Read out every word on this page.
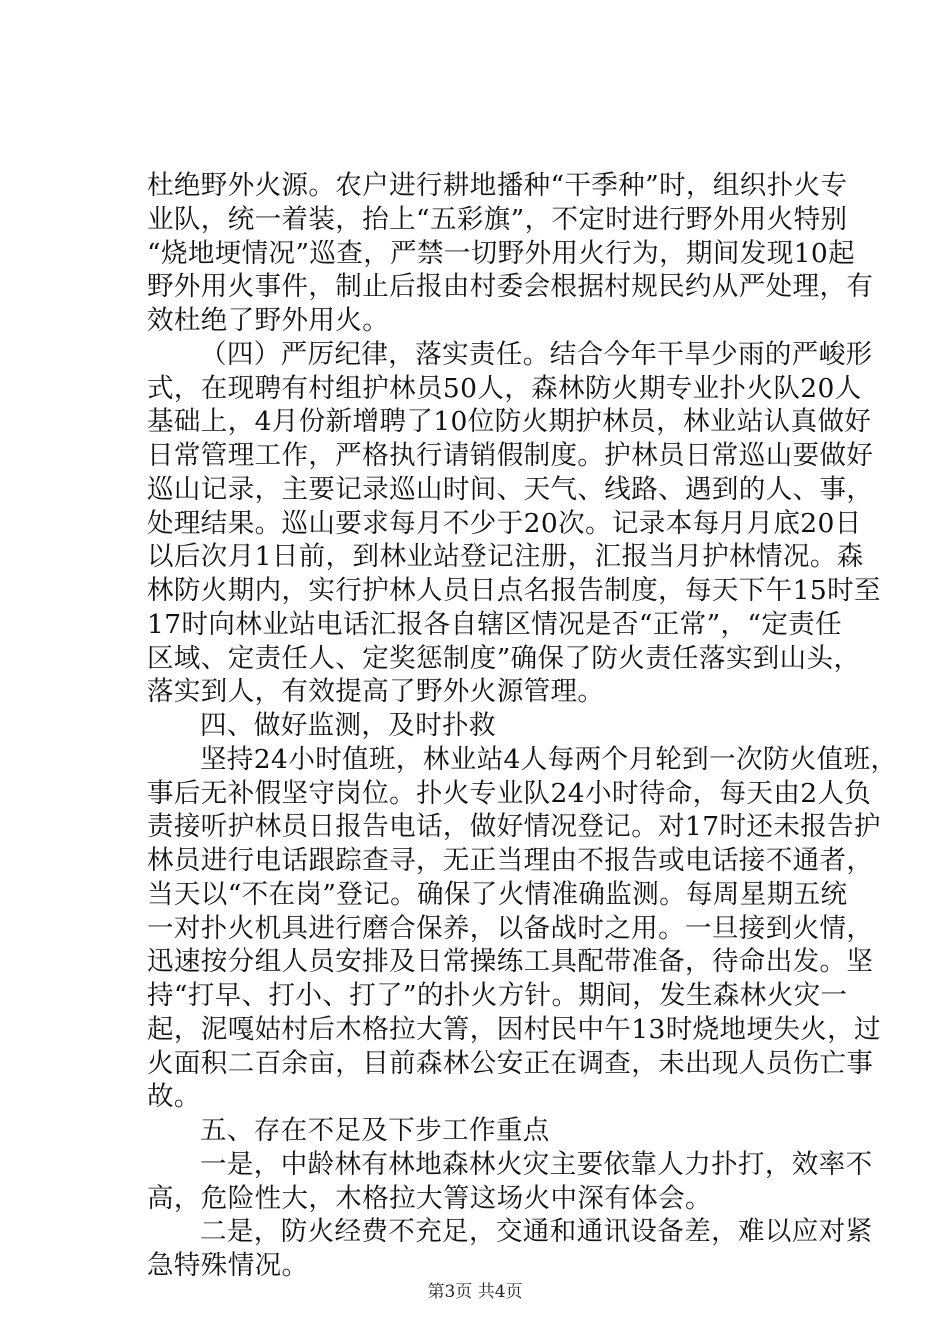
杜绝野外火源。农户进行耕地播种“干季种”时，组织扑火专
业队，统一着装，抬上“五彩旗”，不定时进行野外用火特别
“烧地埂情况”巡查，严禁一切野外用火行为，期间发现10起
野外用火事件，制止后报由村委会根据村规民约从严处理，有
效杜绝了野外用火。
（四）严厉纪律，落实责任。结合今年干旱少雨的严峻形
式，在现聘有村组护林员50人，森林防火期专业扑火队20人
基础上，4月份新增聘了10位防火期护林员，林业站认真做好
日常管理工作，严格执行请销假制度。护林员日常巡山要做好
巡山记录，主要记录巡山时间、天气、线路、遇到的人、事，
处理结果。巡山要求每月不少于20次。记录本每月月底20日
以后次月1日前，到林业站登记注册，汇报当月护林情况。森
林防火期内，实行护林人员日点名报告制度，每天下午15时至
17时向林业站电话汇报各自辖区情况是否“正常”，“定责任
区域、定责任人、定奖惩制度”确保了防火责任落实到山头，
落实到人，有效提高了野外火源管理。
四、做好监测，及时扑救
坚持24小时值班，林业站4人每两个月轮到一次防火值班，
事后无补假坚守岗位。扑火专业队24小时待命，每天由2人负
责接听护林员日报告电话，做好情况登记。对17时还未报告护
林员进行电话跟踪查寻，无正当理由不报告或电话接不通者，
当天以“不在岗”登记。确保了火情准确监测。每周星期五统
一对扑火机具进行磨合保养，以备战时之用。一旦接到火情，
迅速按分组人员安排及日常操练工具配带准备，待命出发。坚
持“打早、打小、打了”的扑火方针。期间，发生森林火灾一
起，泥嘎姑村后木格拉大箐，因村民中午13时烧地埂失火，过
火面积二百余亩，目前森林公安正在调查，未出现人员伤亡事
故。
五、存在不足及下步工作重点
一是，中龄林有林地森林火灾主要依靠人力扑打，效率不
高，危险性大，木格拉大箐这场火中深有体会。
二是，防火经费不充足，交通和通讯设备差，难以应对紧
急特殊情况。
第3页 共4页
